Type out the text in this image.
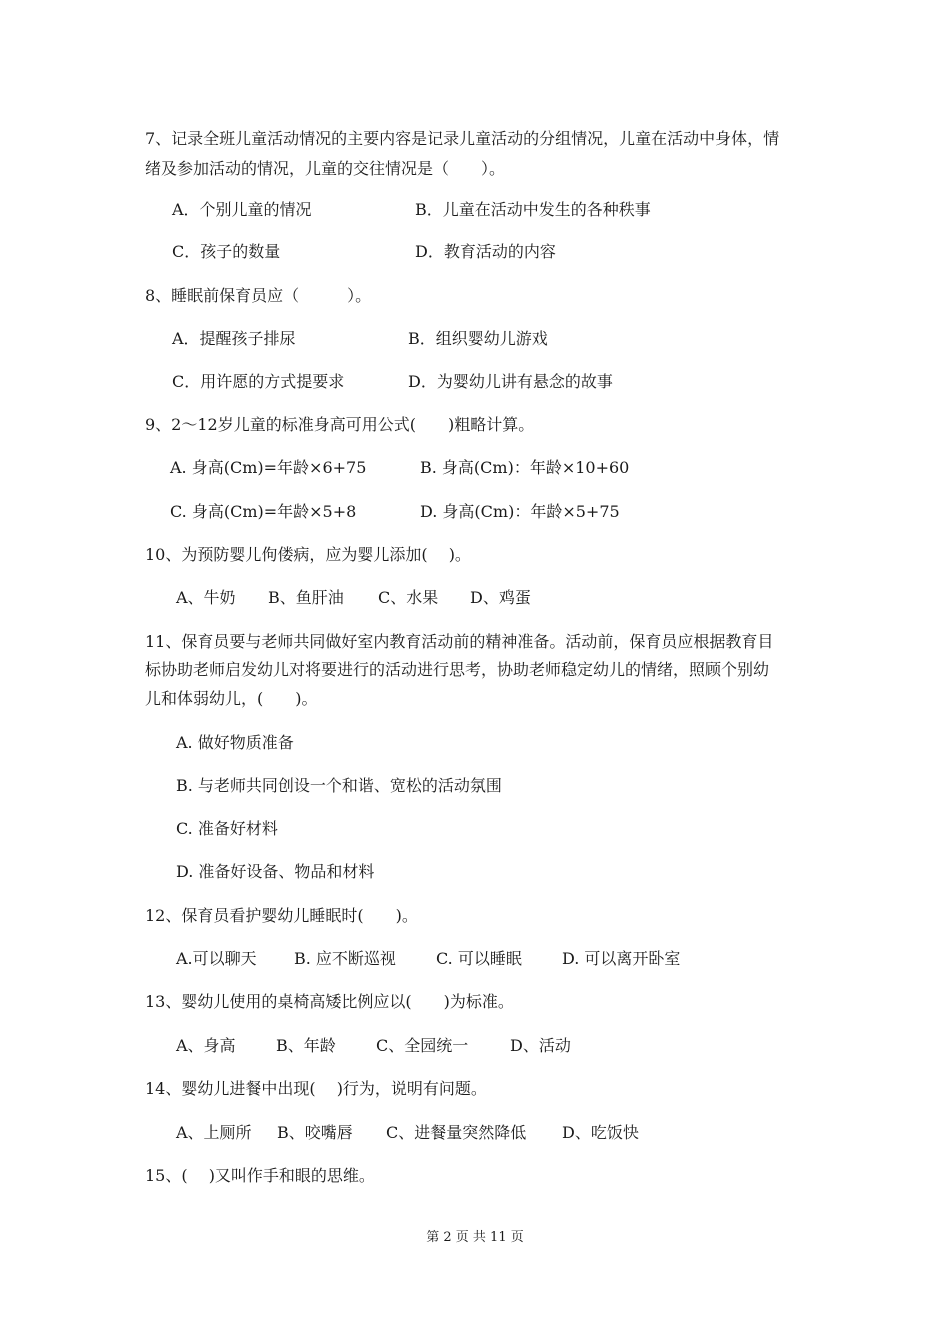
7、记录全班儿童活动情况的主要内容是记录儿童活动的分组情况，儿童在活动中身体，情
绪及参加活动的情况，儿童的交往情况是（　　）。
A．个别儿童的情况	B．儿童在活动中发生的各种秩事
C．孩子的数量	D．教育活动的内容
8、睡眠前保育员应（　　　）。
A．提醒孩子排尿	B．组织婴幼儿游戏
C．用许愿的方式提要求	D．为婴幼儿讲有悬念的故事
9、2～12岁儿童的标准身高可用公式(　　)粗略计算。
A. 身高(Cm)=年龄×6+75	B. 身高(Cm)：年龄×10+60
C. 身高(Cm)=年龄×5+8	D. 身高(Cm)：年龄×5+75
10、为预防婴儿佝偻病，应为婴儿添加(　 )。
A、牛奶 B、鱼肝油 C、水果 D、鸡蛋
11、保育员要与老师共同做好室内教育活动前的精神准备。活动前，保育员应根据教育目
标协助老师启发幼儿对将要进行的活动进行思考，协助老师稳定幼儿的情绪，照顾个别幼
儿和体弱幼儿，(　　)。
A. 做好物质准备
B. 与老师共同创设一个和谐、宽松的活动氛围
C. 准备好材料
D. 准备好设备、物品和材料
12、保育员看护婴幼儿睡眠时(　　)。
A.可以聊天 B. 应不断巡视	C. 可以睡眠	D. 可以离开卧室
13、婴幼儿使用的桌椅高矮比例应以(　　)为标准。
A、身高	B、年龄	C、全园统一	D、活动
14、婴幼儿进餐中出现(　 )行为，说明有问题。
A、上厕所 B、咬嘴唇 C、进餐量突然降低 D、吃饭快
15、(　 )又叫作手和眼的思维。
第 2 页 共 11 页
